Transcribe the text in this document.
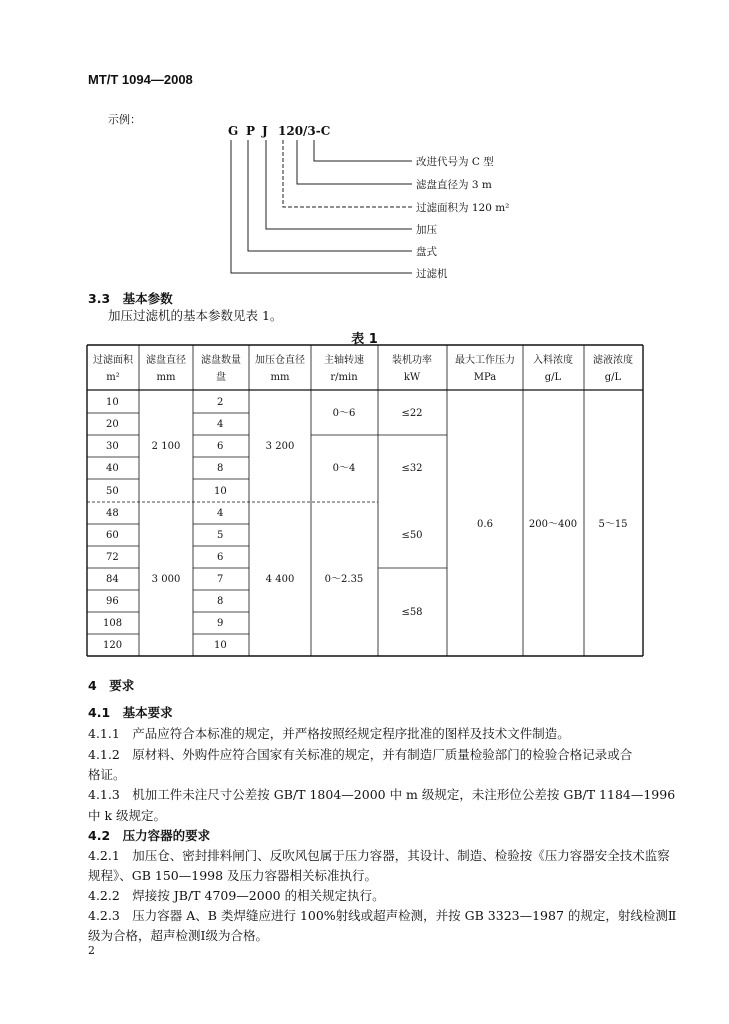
MT/T 1094—2008
示例：
G P J 120/3-C
改进代号为 C 型
滤盘直径为 3 m
过滤面积为 120 m²
加压
盘式
过滤机
3.3　基本参数
加压过滤机的基本参数见表 1。
表 1
过滤面积
m²
滤盘直径
mm
滤盘数量
盘
加压仓直径
mm
主轴转速
r/min
装机功率
kW
最大工作压力
MPa
入料浓度
g/L
滤液浓度
g/L
10
20
30
40
50
48
60
72
84
96
108
120
2
4
6
8
10
4
5
6
7
8
9
10
2 100
3 000
3 200
4 400
0～6
0～4
0～2.35
≤22
≤32
≤50
≤58
0.6	200～400 5～15
4　要求
4.1　基本要求
4.1.1　产品应符合本标准的规定，并严格按照经规定程序批准的图样及技术文件制造。
4.1.2　原材料、外购件应符合国家有关标准的规定，并有制造厂质量检验部门的检验合格记录或合
格证。
4.1.3　机加工件未注尺寸公差按 GB/T 1804—2000 中 m 级规定，未注形位公差按 GB/T 1184—1996
中 k 级规定。
4.2　压力容器的要求
4.2.1　加压仓、密封排料闸门、反吹风包属于压力容器，其设计、制造、检验按《压力容器安全技术监察
规程》、GB 150—1998 及压力容器相关标准执行。
4.2.2　焊接按 JB/T 4709—2000 的相关规定执行。
4.2.3　压力容器 A、B 类焊缝应进行 100%射线或超声检测，并按 GB 3323—1987 的规定，射线检测Ⅱ
级为合格，超声检测Ⅰ级为合格。
2
